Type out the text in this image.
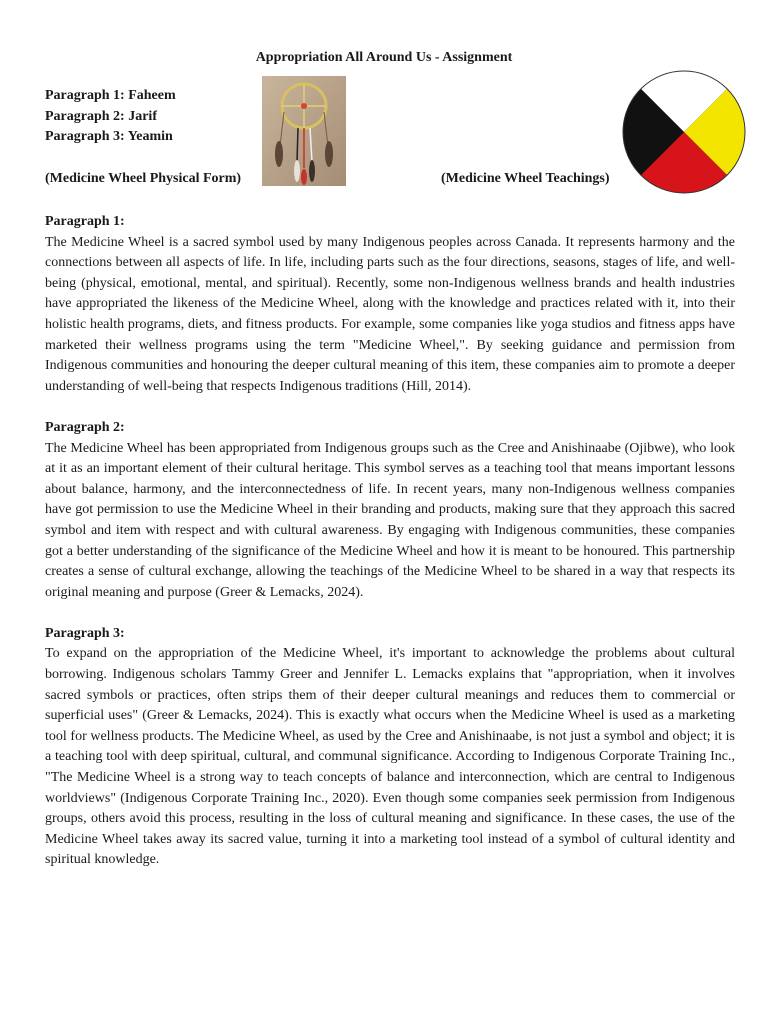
Appropriation All Around Us - Assignment
Paragraph 1: Faheem
Paragraph 2: Jarif
Paragraph 3: Yeamin
(Medicine Wheel Physical Form)	(Medicine Wheel Teachings)

Paragraph 1:

The Medicine Wheel is a sacred symbol used by many Indigenous peoples across Canada. It represents harmony and the connections between all aspects of life. In life, including parts such as the four directions, seasons, stages of life, and well-being (physical, emotional, mental, and spiritual). Recently, some non-Indigenous wellness brands and health industries have appropriated the likeness of the Medicine Wheel, along with the knowledge and practices related with it, into their holistic health programs, diets, and fitness products. For example, some companies like yoga studios and fitness apps have marketed their wellness programs using the term "Medicine Wheel,". By seeking guidance and permission from Indigenous communities and honouring the deeper cultural meaning of this item, these companies aim to promote a deeper understanding of well-being that respects Indigenous traditions (Hill, 2014).

Paragraph 2:

The Medicine Wheel has been appropriated from Indigenous groups such as the Cree and Anishinaabe (Ojibwe), who look at it as an important element of their cultural heritage. This symbol serves as a teaching tool that means important lessons about balance, harmony, and the interconnectedness of life. In recent years, many non-Indigenous wellness companies have got permission to use the Medicine Wheel in their branding and products, making sure that they approach this sacred symbol and item with respect and with cultural awareness. By engaging with Indigenous communities, these companies got a better understanding of the significance of the Medicine Wheel and how it is meant to be honoured. This partnership creates a sense of cultural exchange, allowing the teachings of the Medicine Wheel to be shared in a way that respects its original meaning and purpose (Greer & Lemacks, 2024).

Paragraph 3:

To expand on the appropriation of the Medicine Wheel, it's important to acknowledge the problems about cultural borrowing. Indigenous scholars Tammy Greer and Jennifer L. Lemacks explains that "appropriation, when it involves sacred symbols or practices, often strips them of their deeper cultural meanings and reduces them to commercial or superficial uses" (Greer & Lemacks, 2024). This is exactly what occurs when the Medicine Wheel is used as a marketing tool for wellness products. The Medicine Wheel, as used by the Cree and Anishinaabe, is not just a symbol and object; it is a teaching tool with deep spiritual, cultural, and communal significance. According to Indigenous Corporate Training Inc., "The Medicine Wheel is a strong way to teach concepts of balance and interconnection, which are central to Indigenous worldviews" (Indigenous Corporate Training Inc., 2020). Even though some companies seek permission from Indigenous groups, others avoid this process, resulting in the loss of cultural meaning and significance. In these cases, the use of the Medicine Wheel takes away its sacred value, turning it into a marketing tool instead of a symbol of cultural identity and spiritual knowledge.
